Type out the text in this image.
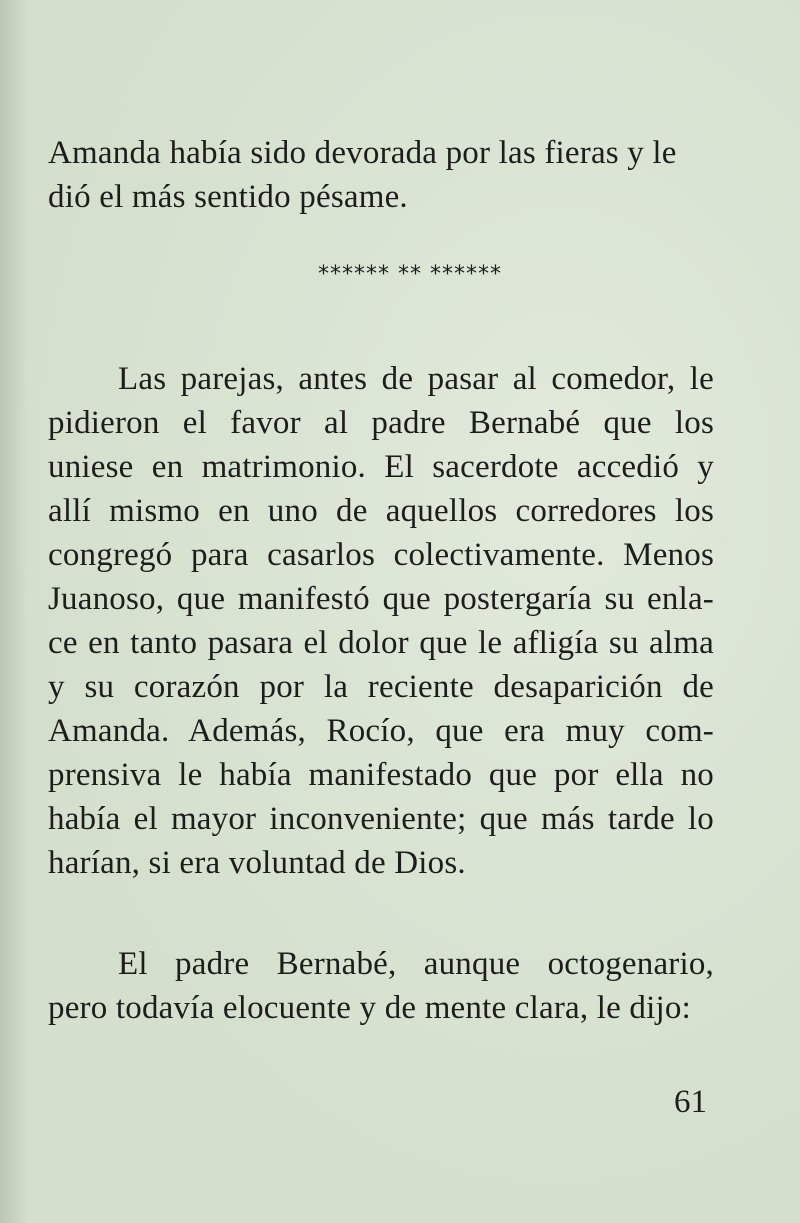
Amanda había sido devorada por las fieras y le
dió el más sentido pésame.
****** ** ******
Las parejas, antes de pasar al comedor, le
pidieron el favor al padre Bernabé que los
uniese en matrimonio. El sacerdote accedió y
allí mismo en uno de aquellos corredores los
congregó para casarlos colectivamente. Menos
Juanoso, que manifestó que postergaría su enla-
ce en tanto pasara el dolor que le afligía su alma
y su corazón por la reciente desaparición de
Amanda. Además, Rocío, que era muy com-
prensiva le había manifestado que por ella no
había el mayor inconveniente; que más tarde lo
harían, si era voluntad de Dios.
El padre Bernabé, aunque octogenario,
pero todavía elocuente y de mente clara, le dijo:
61
